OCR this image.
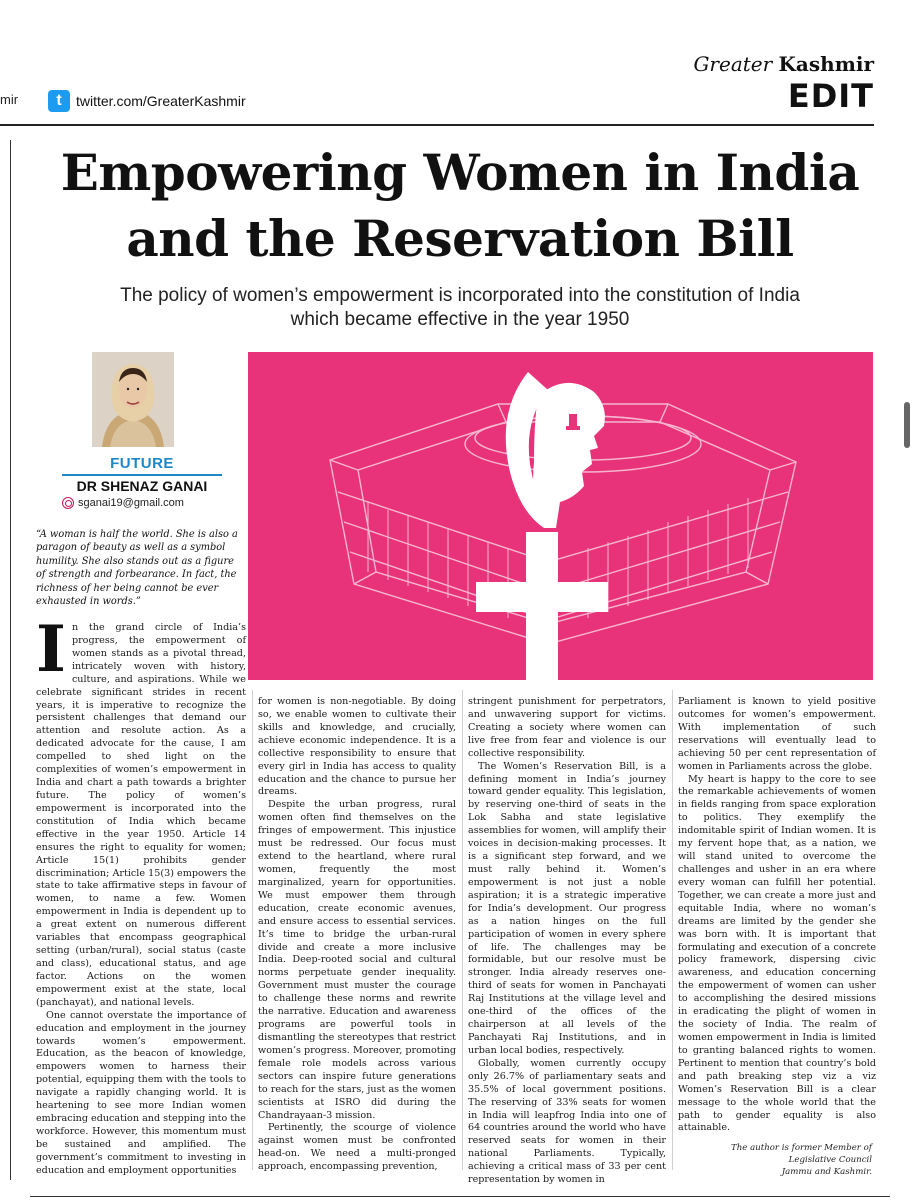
mir	t	twitter.com/GreaterKashmir
Greater Kashmir
EDIT
Empowering Women in India
and the Reservation Bill
The policy of women’s empowerment is incorporated into the constitution of India
which became effective in the year 1950
FUTURE
DR SHENAZ GANAI
sganai19@gmail.com
“A woman is half the world. She is also a paragon of beauty as well as a symbol humility. She also stands out as a figure of strength and forbearance. In fact, the richness of her being cannot be ever exhausted in words.”
I n the grand circle of India’s progress, the empowerment of women stands as a pivotal thread, intricately woven with history, culture, and aspirations. While we celebrate significant strides in recent years, it is imperative to recognize the persistent challenges that demand our attention and resolute action. As a dedicated advocate for the cause, I am compelled to shed light on the complexities of women’s empowerment in India and chart a path towards a brighter future. The policy of women’s empowerment is incorporated into the constitution of India which became effective in the year 1950. Article 14 ensures the right to equality for women; Article 15(1) prohibits gender discrimination; Article 15(3) empowers the state to take affirmative steps in favour of women, to name a few. Women empowerment in India is dependent up to a great extent on numerous different variables that encompass geographical setting (urban/rural), social status (caste and class), educational status, and age factor. Actions on the women empowerment exist at the state, local (panchayat), and national levels.

One cannot overstate the importance of education and employment in the journey towards women’s empowerment. Education, as the beacon of knowledge, empowers women to harness their potential, equipping them with the tools to navigate a rapidly changing world. It is heartening to see more Indian women embracing education and stepping into the workforce. However, this momentum must be sustained and amplified. The government’s commitment to investing in education and employment opportunities

for women is non-negotiable. By doing so, we enable women to cultivate their skills and knowledge, and crucially, achieve economic independence. It is a collective responsibility to ensure that every girl in India has access to quality education and the chance to pursue her dreams.

Despite the urban progress, rural women often find themselves on the fringes of empowerment. This injustice must be redressed. Our focus must extend to the heartland, where rural women, frequently the most marginalized, yearn for opportunities. We must empower them through education, create economic avenues, and ensure access to essential services. It’s time to bridge the urban-rural divide and create a more inclusive India. Deep-rooted social and cultural norms perpetuate gender inequality. Government must muster the courage to challenge these norms and rewrite the narrative. Education and awareness programs are powerful tools in dismantling the stereotypes that restrict women’s progress. Moreover, promoting female role models across various sectors can inspire future generations to reach for the stars, just as the women scientists at ISRO did during the Chandrayaan-3 mission.

Pertinently, the scourge of violence against women must be confronted head-on. We need a multi-pronged approach, encompassing prevention,

stringent punishment for perpetrators, and unwavering support for victims. Creating a society where women can live free from fear and violence is our collective responsibility.

The Women’s Reservation Bill, is a defining moment in India’s journey toward gender equality. This legislation, by reserving one-third of seats in the Lok Sabha and state legislative assemblies for women, will amplify their voices in decision-making processes. It is a significant step forward, and we must rally behind it. Women’s empowerment is not just a noble aspiration; it is a strategic imperative for India’s development. Our progress as a nation hinges on the full participation of women in every sphere of life. The challenges may be formidable, but our resolve must be stronger. India already reserves one-third of seats for women in Panchayati Raj Institutions at the village level and one-third of the offices of the chairperson at all levels of the Panchayati Raj Institutions, and in urban local bodies, respectively.

Globally, women currently occupy only 26.7% of parliamentary seats and 35.5% of local government positions. The reserving of 33% seats for women in India will leapfrog India into one of 64 countries around the world who have reserved seats for women in their national Parliaments. Typically, achieving a critical mass of 33 per cent representation by women in

Parliament is known to yield positive outcomes for women’s empowerment. With implementation of such reservations will eventually lead to achieving 50 per cent representation of women in Parliaments across the globe.

My heart is happy to the core to see the remarkable achievements of women in fields ranging from space exploration to politics. They exemplify the indomitable spirit of Indian women. It is my fervent hope that, as a nation, we will stand united to overcome the challenges and usher in an era where every woman can fulfill her potential. Together, we can create a more just and equitable India, where no woman’s dreams are limited by the gender she was born with. It is important that formulating and execution of a concrete policy framework, dispersing civic awareness, and education concerning the empowerment of women can usher to accomplishing the desired missions in eradicating the plight of women in the society of India. The realm of women empowerment in India is limited to granting balanced rights to women. Pertinent to mention that country’s bold and path breaking step viz a viz Women’s Reservation Bill is a clear message to the whole world that the path to gender equality is also attainable.

The author is former Member of Legislative Council
Jammu and Kashmir.
